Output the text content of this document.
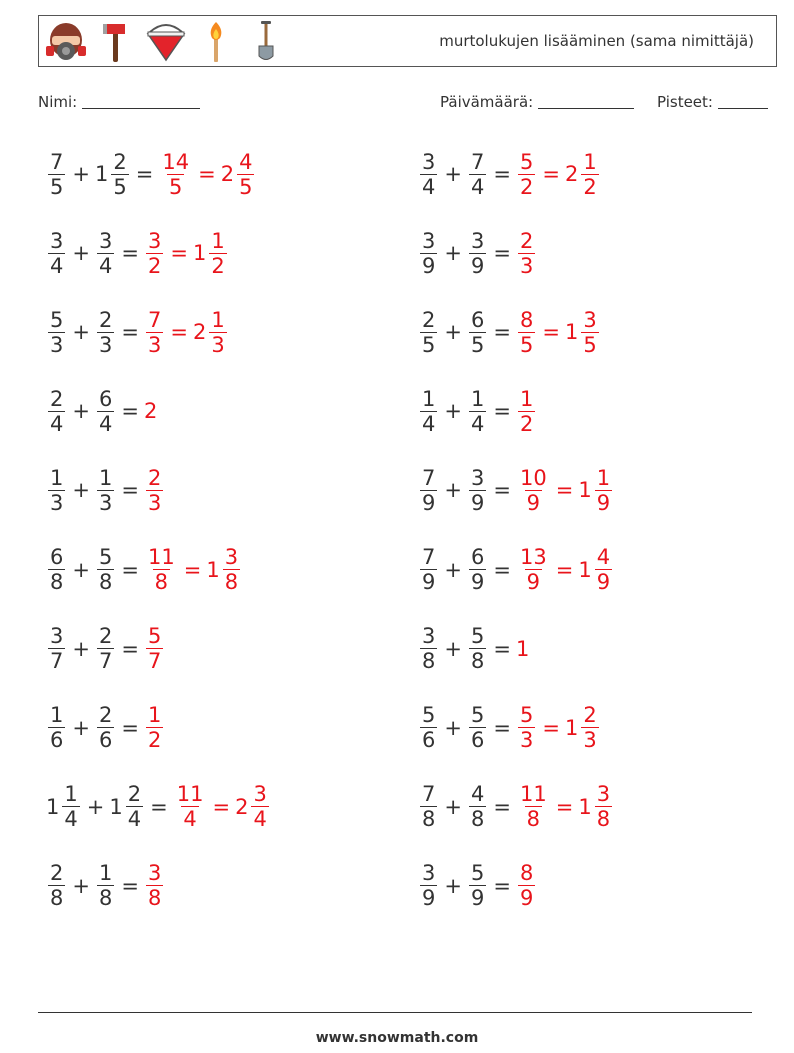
murtolukujen lisääminen (sama nimittäjä)
Nimi:	Päivämäärä:	Pisteet:
$\frac{7}{5} + 1 \frac{2}{5} = \frac{14}{5} = 2 \frac{4}{5}$	$\frac{3}{4} + \frac{7}{4} = \frac{5}{2} = 2 \frac{1}{2}$
$\frac{3}{4} + \frac{3}{4} = \frac{3}{2} = 1 \frac{1}{2}$	$\frac{3}{9} + \frac{3}{9} = \frac{2}{3}$
$\frac{5}{3} + \frac{2}{3} = \frac{7}{3} = 2 \frac{1}{3}$	$\frac{2}{5} + \frac{6}{5} = \frac{8}{5} = 1 \frac{3}{5}$
$\frac{2}{4} + \frac{6}{4} = 2$	$\frac{1}{4} + \frac{1}{4} = \frac{1}{2}$
$\frac{1}{3} + \frac{1}{3} = \frac{2}{3}$	$\frac{7}{9} + \frac{3}{9} = \frac{10}{9} = 1 \frac{1}{9}$
$\frac{6}{8} + \frac{5}{8} = \frac{11}{8} = 1 \frac{3}{8}$	$\frac{7}{9} + \frac{6}{9} = \frac{13}{9} = 1 \frac{4}{9}$
$\frac{3}{7} + \frac{2}{7} = \frac{5}{7}$	$\frac{3}{8} + \frac{5}{8} = 1$
$\frac{1}{6} + \frac{2}{6} = \frac{1}{2}$	$\frac{5}{6} + \frac{5}{6} = \frac{5}{3} = 1 \frac{2}{3}$
$1 \frac{1}{4} + 1 \frac{2}{4} = \frac{11}{4} = 2 \frac{3}{4}$	$\frac{7}{8} + \frac{4}{8} = \frac{11}{8} = 1 \frac{3}{8}$
$\frac{2}{8} + \frac{1}{8} = \frac{3}{8}$	$\frac{3}{9} + \frac{5}{9} = \frac{8}{9}$
www.snowmath.com
